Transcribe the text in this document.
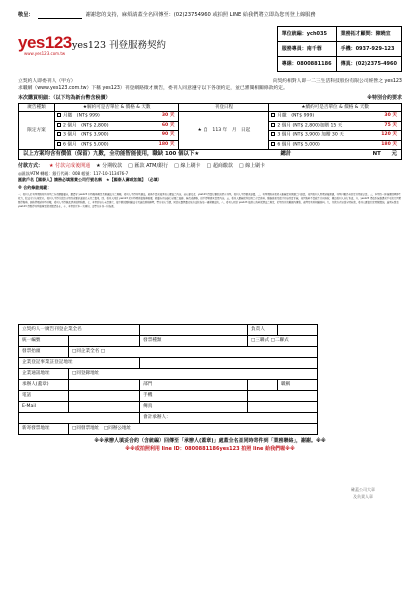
敬呈：	謝謝您的支持，麻煩請蓋全名回傳至：(02)23754960 或拍照 LINE 給我們將立即為您刊登上線服務
yes123
www.yes123.com.tw
yes123 刊登服務契約
單位統編：ych035	業務拓才顧問：陳曉宜
服務專員：南千蓉	手機：0937-929-123
專線：0800881186	傳真：(02)2375-4960
立契約人即委刊人（甲方）	向契約相對人即一二三生活科技股份有限公司經營之 yes123
求職網（www.yes123.com.tw）下稱 yes123）刊登網路徵才廣告，委刊人同意遵守以下各項約定，並已審閱相關條款約定。
本次購買明細：（以下均為新台幣含稅價）	※特別合約要求
廣告種類	★解約可是否單位 & 價格 & 天數	刊登日程	★續約可是否單位 & 價格 & 天數
限定方案	月繳　(NT$ 999) 30 天	★ 自　113 年　月　日起	月繳　(NT$ 999) 30 天

	2 個月　(NT$ 2,800) 60 天		2 個月 (NT$ 2,800)加贈 15 天 75 天

	3 個月　(NT$ 3,900) 90 天		3 個月 (NT$ 3,900) 加贈 30 天 120 天

	6 個月　(NT$ 5,000) 180 天		6 個月 (NT$ 5,000) 180 天
以上方案均含有價值（保留）九數，全功能智能使用，職缺 100 個以下★	總計	NT　　元
付款方式： ★ 付款完成後開通 ★ 分期收款 □ 匯款 ATM/銀行 □ 線上刷卡 □ 超商繳款 □ 線上刷卡
◎匯款/ATM 轉帳：銀行代碼：008 帳號：117-10-113476-7
匯款戶名【國泰人】請務必填寫貴公司行號名稱　★【國泰人壽或如無】　（必填）
※ 合約條款規範：
一、委刊人於刊登期間內所刊登之各項網路廣告，應遵守 yes123 刊登服務規定及相關法令之規範，委刊人不得刊登違法、虛偽不實或侵害他人權益之內容，若有違反者，yes123 得逕行刪除或停止刊登，委刊人不得要求退費。二、刊登期間自款項入帳確認並開通之日起算，如因委刊人因素延後開通，刊登日數仍自約定日期起計算。三、本契約一經簽署回傳即生效力，除法令另有規定外，委刊人不得任意終止契約或要求退還已支付之費用。四、委刊人同意 yes123 於刊登期間依服務需要，就廣告內容進行必要之編排、修改或調整，但不得變更其實質內容。五、委刊人應確保所提供之企業資料、聯絡資訊及徵才內容真實正確，如因資料不實致生任何糾紛，概由委刊人自行負責。六、yes123 得依系統維護或不可抗力因素暫停服務，屆時將順延刊登日數，委刊人不得據此請求損害賠償。七、本契約如有未盡事宜，依中華民國相關法令及誠信原則辦理，雙方如有爭議，同意以臺灣臺北地方法院為第一審管轄法院。八、委刊人同意 yes123 依個人資料保護法之規定，於契約目的範圍內蒐集、處理及利用相關資料。九、付款方式如採分期收款，委刊人應依約定期限繳納，逾期未繳者 yes123 得暫停刊登服務至款項繳清為止。十、本契約正本一式兩份，由雙方各執一份為憑。
立契約人一廣告刊登企業全名			負責人	
統一編號		發票種類	□三聯式 □二聯式	
發票抬頭	□同企業全名 □			
企業登記事業註登記地址				
企業通訊地址	□同登錄地址			
承辦人(蓋章)		部門		職稱
電話		手機		
E-Mail		傳真		
		會計承辦人：		
新寄發票地址	□同發票地址　□同辦公地址			
確蓋公司大章
及負責人章
※※承辦人填妥合約（含統編）回傳至「承辦人(蓋章)」處蓋全名並同時寄件到「業務聯絡」，謝謝。※※
※※或拍照利用 line ID：0800881186yes123 拍照 line 給我們喔※※
